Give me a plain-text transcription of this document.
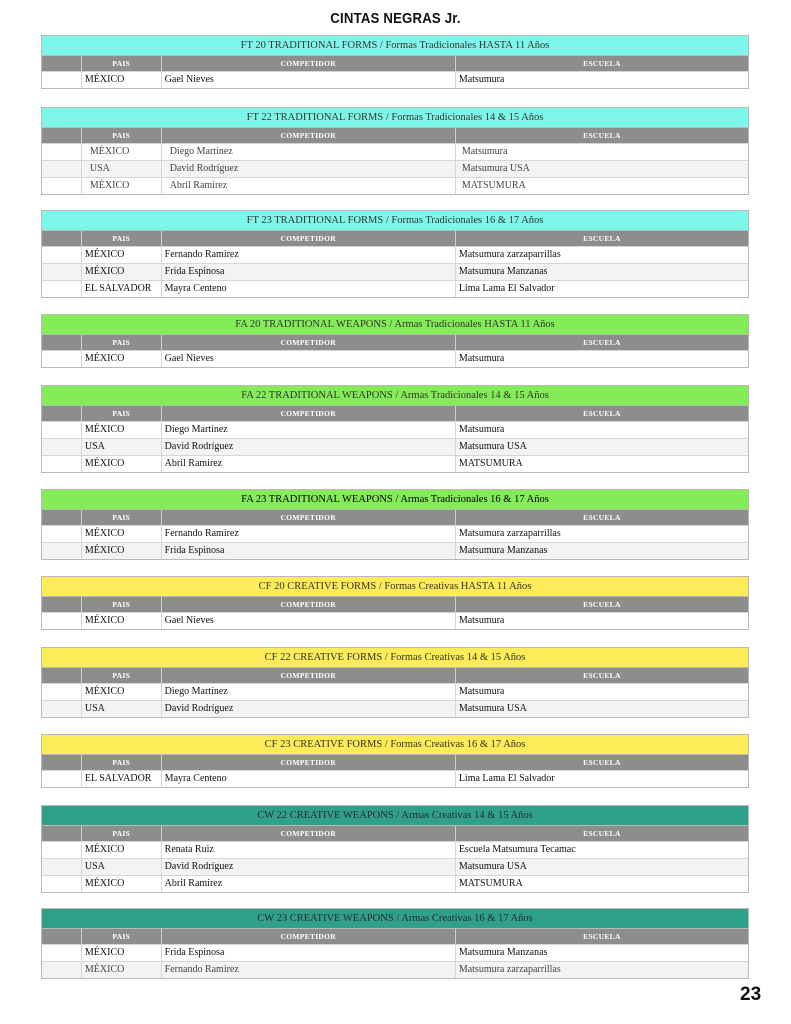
CINTAS NEGRAS Jr.
FT 20 TRADITIONAL FORMS / Formas Tradicionales HASTA 11 Años
PAIS	COMPETIDOR	ESCUELA
MÉXICO	Gael Nieves	Matsumura
FT 22 TRADITIONAL FORMS / Formas Tradicionales 14 & 15 Años
PAIS	COMPETIDOR	ESCUELA
MÉXICO	Diego Martínez	Matsumura
USA	David Rodríguez	Matsumura USA
MÉXICO	Abril Ramirez	MATSUMURA
FT 23 TRADITIONAL FORMS / Formas Tradicionales 16 & 17 Años
PAIS	COMPETIDOR	ESCUELA
MÉXICO	Fernando Ramirez	Matsumura zarzaparrillas
MÉXICO	Frida Espinosa	Matsumura Manzanas
EL SALVADOR	Mayra Centeno	Lima Lama El Salvador
FA 20 TRADITIONAL WEAPONS / Armas Tradicionales HASTA 11 Años
PAIS	COMPETIDOR	ESCUELA
MÉXICO	Gael Nieves	Matsumura
FA 22 TRADITIONAL WEAPONS / Armas Tradicionales 14 & 15 Años
PAIS	COMPETIDOR	ESCUELA
MÉXICO	Diego Martínez	Matsumura
USA	David Rodríguez	Matsumura USA
MÉXICO	Abril Ramirez	MATSUMURA
FA 23 TRADITIONAL WEAPONS / Armas Tradicionales 16 & 17 Años
PAIS	COMPETIDOR	ESCUELA
MÉXICO	Fernando Ramirez	Matsumura zarzaparrillas
MÉXICO	Frida Espinosa	Matsumura Manzanas
CF 20 CREATIVE FORMS / Formas Creativas HASTA 11 Años
PAIS	COMPETIDOR	ESCUELA
MÉXICO	Gael Nieves	Matsumura
CF 22 CREATIVE FORMS / Formas Creativas 14 & 15 Años
PAIS	COMPETIDOR	ESCUELA
MÉXICO	Diego Martínez	Matsumura
USA	David Rodríguez	Matsumura USA
CF 23 CREATIVE FORMS / Formas Creativas 16 & 17 Años
PAIS	COMPETIDOR	ESCUELA
EL SALVADOR	Mayra Centeno	Lima Lama El Salvador
CW 22 CREATIVE WEAPONS / Armas Creativas 14 & 15 Años
PAIS	COMPETIDOR	ESCUELA
MÉXICO	Renata Ruiz	Escuela Matsumura Tecamac
USA	David Rodríguez	Matsumura USA
MÉXICO	Abril Ramirez	MATSUMURA
CW 23 CREATIVE WEAPONS / Armas Creativas 16 & 17 Años
PAIS	COMPETIDOR	ESCUELA
MÉXICO	Frida Espinosa	Matsumura Manzanas
MÉXICO	Fernando Ramirez	Matsumura zarzaparrillas
23
